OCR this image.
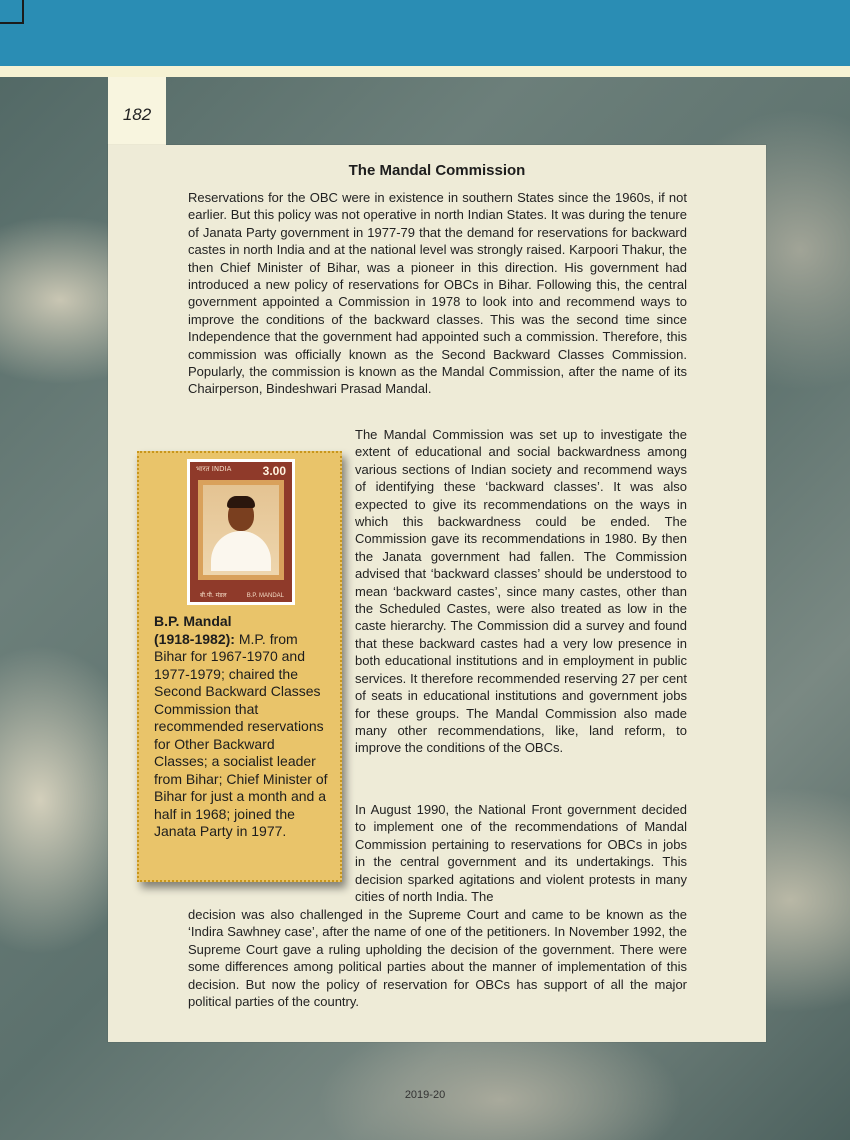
182
The Mandal Commission

Reservations for the OBC were in existence in southern States since the 1960s, if not earlier. But this policy was not operative in north Indian States. It was during the tenure of Janata Party government in 1977-79 that the demand for reservations for backward castes in north India and at the national level was strongly raised. Karpoori Thakur, the then Chief Minister of Bihar, was a pioneer in this direction. His government had introduced a new policy of reservations for OBCs in Bihar. Following this, the central government appointed a Commission in 1978 to look into and recommend ways to improve the conditions of the backward classes. This was the second time since Independence that the government had appointed such a commission. Therefore, this commission was officially known as the Second Backward Classes Commission. Popularly, the commission is known as the Mandal Commission, after the name of its Chairperson, Bindeshwari Prasad Mandal.

The Mandal Commission was set up to investigate the extent of educational and social backwardness among various sections of Indian society and recommend ways of identifying these ‘backward classes’. It was also expected to give its recommendations on the ways in which this backwardness could be ended. The Commission gave its recommendations in 1980. By then the Janata government had fallen. The Commission advised that ‘backward classes’ should be understood to mean ‘backward castes’, since many castes, other than the Scheduled Castes, were also treated as low in the caste hierarchy. The Commission did a survey and found that these backward castes had a very low presence in both educational institutions and in employment in public services. It therefore recommended reserving 27 per cent of seats in educational institutions and government jobs for these groups. The Mandal Commission also made many other recommendations, like, land reform, to improve the conditions of the OBCs.

In August 1990, the National Front government decided to implement one of the recommendations of Mandal Commission pertaining to reservations for OBCs in jobs in the central government and its undertakings. This decision sparked agitations and violent protests in many cities of north India. The

decision was also challenged in the Supreme Court and came to be known as the ‘Indira Sawhney case’, after the name of one of the petitioners. In November 1992, the Supreme Court gave a ruling upholding the decision of the government. There were some differences among political parties about the manner of implementation of this decision. But now the policy of reservation for OBCs has support of all the major political parties of the country.

भारत INDIA	3.00
बी.पी. मंडल	B.P. MANDAL

B.P. Mandal
(1918-1982): M.P. from Bihar for 1967-1970 and 1977-1979; chaired the Second Backward Classes Commission that recommended reservations for Other Backward Classes; a socialist leader from Bihar; Chief Minister of Bihar for just a month and a half in 1968; joined the Janata Party in 1977.

2019-20
